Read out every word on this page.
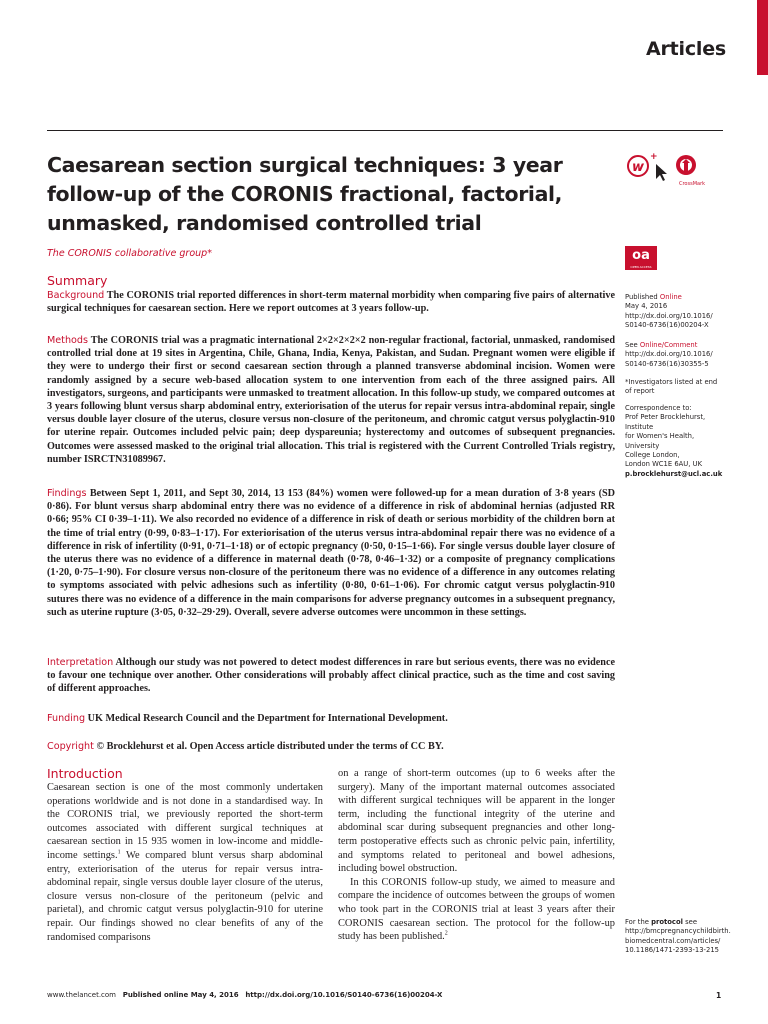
Articles
Caesarean section surgical techniques: 3 year follow-up of the CORONIS fractional, factorial, unmasked, randomised controlled trial
The CORONIS collaborative group*
w
+
CrossMark
oa
OPEN ACCESS
Summary
Background The CORONIS trial reported differences in short-term maternal morbidity when comparing five pairs of alternative surgical techniques for caesarean section. Here we report outcomes at 3 years follow-up.
Methods The CORONIS trial was a pragmatic international 2×2×2×2×2 non-regular fractional, factorial, unmasked, randomised controlled trial done at 19 sites in Argentina, Chile, Ghana, India, Kenya, Pakistan, and Sudan. Pregnant women were eligible if they were to undergo their first or second caesarean section through a planned transverse abdominal incision. Women were randomly assigned by a secure web-based allocation system to one intervention from each of the three assigned pairs. All investigators, surgeons, and participants were unmasked to treatment allocation. In this follow-up study, we compared outcomes at 3 years following blunt versus sharp abdominal entry, exteriorisation of the uterus for repair versus intra-abdominal repair, single versus double layer closure of the uterus, closure versus non-closure of the peritoneum, and chromic catgut versus polyglactin-910 for uterine repair. Outcomes included pelvic pain; deep dyspareunia; hysterectomy and outcomes of subsequent pregnancies. Outcomes were assessed masked to the original trial allocation. This trial is registered with the Current Controlled Trials registry, number ISRCTN31089967.
Findings Between Sept 1, 2011, and Sept 30, 2014, 13 153 (84%) women were followed-up for a mean duration of 3·8 years (SD 0·86). For blunt versus sharp abdominal entry there was no evidence of a difference in risk of abdominal hernias (adjusted RR 0·66; 95% CI 0·39–1·11). We also recorded no evidence of a difference in risk of death or serious morbidity of the children born at the time of trial entry (0·99, 0·83–1·17). For exteriorisation of the uterus versus intra-abdominal repair there was no evidence of a difference in risk of infertility (0·91, 0·71–1·18) or of ectopic pregnancy (0·50, 0·15–1·66). For single versus double layer closure of the uterus there was no evidence of a difference in maternal death (0·78, 0·46–1·32) or a composite of pregnancy complications (1·20, 0·75–1·90). For closure versus non-closure of the peritoneum there was no evidence of a difference in any outcomes relating to symptoms associated with pelvic adhesions such as infertility (0·80, 0·61–1·06). For chromic catgut versus polyglactin-910 sutures there was no evidence of a difference in the main comparisons for adverse pregnancy outcomes in a subsequent pregnancy, such as uterine rupture (3·05, 0·32–29·29). Overall, severe adverse outcomes were uncommon in these settings.
Interpretation Although our study was not powered to detect modest differences in rare but serious events, there was no evidence to favour one technique over another. Other considerations will probably affect clinical practice, such as the time and cost saving of different approaches.
Funding UK Medical Research Council and the Department for International Development.
Copyright © Brocklehurst et al. Open Access article distributed under the terms of CC BY.
Published Online
May 4, 2016
http://dx.doi.org/10.1016/
S0140-6736(16)00204-X
See Online/Comment
http://dx.doi.org/10.1016/
S0140-6736(16)30355-5
*Investigators listed at end
of report
Correspondence to:
Prof Peter Brocklehurst, Institute
for Women's Health, University
College London,
London WC1E 6AU, UK
p.brocklehurst@ucl.ac.uk
For the protocol see
http://bmcpregnancychildbirth.
biomedcentral.com/articles/
10.1186/1471-2393-13-215
Introduction

Caesarean section is one of the most commonly undertaken operations worldwide and is not done in a standardised way. In the CORONIS trial, we previously reported the short-term outcomes associated with different surgical techniques at caesarean section in 15 935 women in low-income and middle-income settings.$^1$ We compared blunt versus sharp abdominal entry, exteriorisation of the uterus for repair versus intra-abdominal repair, single versus double layer closure of the uterus, closure versus non-closure of the peritoneum (pelvic and parietal), and chromic catgut versus polyglactin-910 for uterine repair. Our findings showed no clear benefits of any of the randomised comparisons

on a range of short-term outcomes (up to 6 weeks after the surgery). Many of the important maternal outcomes associated with different surgical techniques will be apparent in the longer term, including the functional integrity of the uterine and abdominal scar during subsequent pregnancies and other long-term postoperative effects such as chronic pelvic pain, infertility, and symptoms related to peritoneal and bowel adhesions, including bowel obstruction.

In this CORONIS follow-up study, we aimed to measure and compare the incidence of outcomes between the groups of women who took part in the CORONIS trial at least 3 years after their CORONIS caesarean section. The protocol for the follow-up study has been published.$^2$

www.thelancet.com Published online May 4, 2016 http://dx.doi.org/10.1016/S0140-6736(16)00204-X	1
